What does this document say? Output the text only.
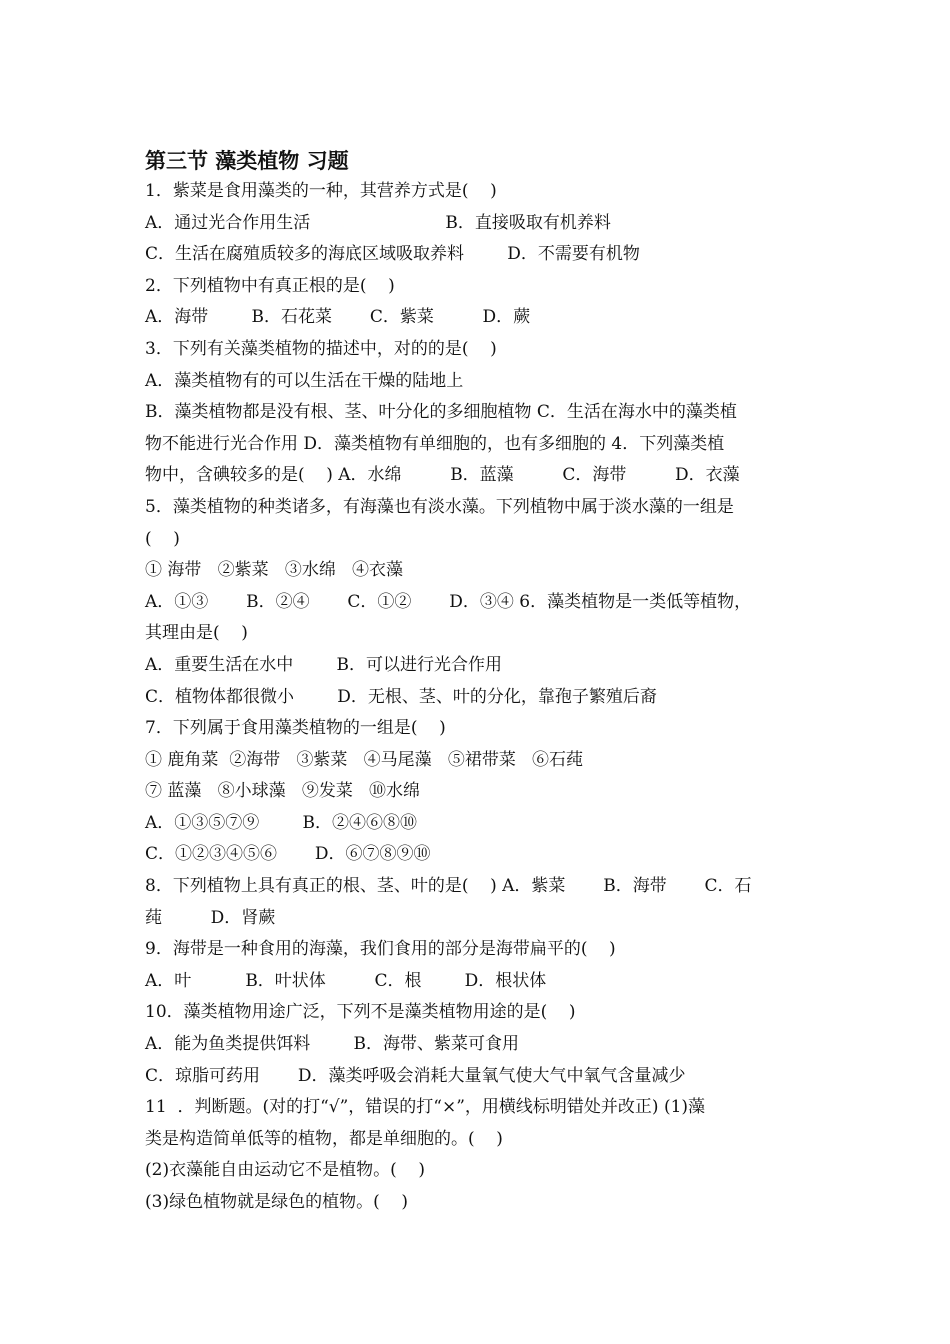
第三节 藻类植物 习题
1．紫菜是食用藻类的一种，其营养方式是(    )
A．通过光合作用生活                         B．直接吸取有机养料
C．生活在腐殖质较多的海底区域吸取养料        D．不需要有机物
2．下列植物中有真正根的是(    )
A．海带        B．石花菜       C．紫菜         D．蕨
3．下列有关藻类植物的描述中，对的的是(    )
A．藻类植物有的可以生活在干燥的陆地上
B．藻类植物都是没有根、茎、叶分化的多细胞植物 C．生活在海水中的藻类植
物不能进行光合作用 D．藻类植物有单细胞的，也有多细胞的 4．下列藻类植
物中，含碘较多的是(    ) A．水绵         B．蓝藻         C．海带         D．衣藻
5．藻类植物的种类诸多，有海藻也有淡水藻。下列植物中属于淡水藻的一组是
(    )
① 海带   ②紫菜   ③水绵   ④衣藻
A．①③       B．②④       C．①②       D．③④ 6．藻类植物是一类低等植物，
其理由是(    )
A．重要生活在水中        B．可以进行光合作用
C．植物体都很微小        D．无根、茎、叶的分化，靠孢子繁殖后裔
7．下列属于食用藻类植物的一组是(    )
① 鹿角菜  ②海带   ③紫菜   ④马尾藻   ⑤裙带菜   ⑥石莼
⑦ 蓝藻   ⑧小球藻   ⑨发菜   ⑩水绵
A．①③⑤⑦⑨        B．②④⑥⑧⑩
C．①②③④⑤⑥       D．⑥⑦⑧⑨⑩
8．下列植物上具有真正的根、茎、叶的是(    ) A．紫菜       B．海带       C．石
莼         D．肾蕨
9．海带是一种食用的海藻，我们食用的部分是海带扁平的(    )
A．叶          B．叶状体         C．根        D．根状体
10．藻类植物用途广泛，下列不是藻类植物用途的是(    )
A．能为鱼类提供饵料        B．海带、紫菜可食用
C．琼脂可药用       D．藻类呼吸会消耗大量氧气使大气中氧气含量减少
11  ．判断题。(对的打“√”，错误的打“×”，用横线标明错处并改正) (1)藻
类是构造简单低等的植物，都是单细胞的。(    )
(2)衣藻能自由运动它不是植物。(    )
(3)绿色植物就是绿色的植物。(    )
